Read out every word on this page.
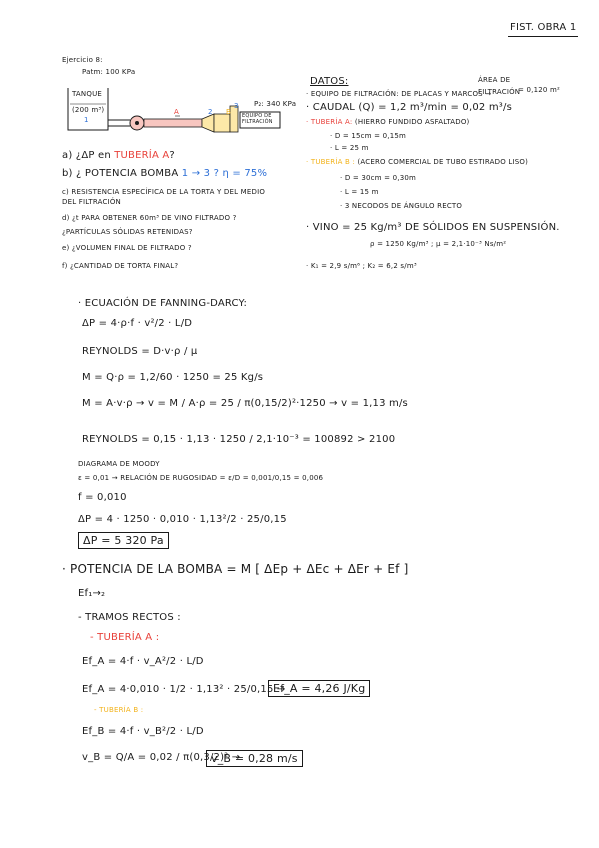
FIST. OBRA 1
Ejercicio 8:
Patm: 100 KPa
TANQUE
(200 m³)
1
A	2
P₂: 340 KPa
B
3
EQUIPO DE FILTRACIÓN
a) ¿ΔP en TUBERÍA A?
b) ¿ POTENCIA BOMBA 1 → 3 ? η = 75%
c) RESISTENCIA ESPECÍFICA DE LA TORTA Y DEL MEDIO
DEL FILTRACIÓN
d) ¿t PARA OBTENER 60m³ DE VINO FILTRADO ?
¿PARTÍCULAS SÓLIDAS RETENIDAS?
e) ¿VOLUMEN FINAL DE FILTRADO ?
f) ¿CANTIDAD DE TORTA FINAL?
DATOS:	ÁREA DE
· EQUIPO DE FILTRACIÓN: DE PLACAS Y MARCOS →
FILTRACIÓN
= 0,120 m²
· CAUDAL (Q) = 1,2 m³/min = 0,02 m³/s
· TUBERÍA A: (HIERRO FUNDIDO ASFALTADO)
· D = 15cm = 0,15m
· L = 25 m
· TUBERÍA B : (ACERO COMERCIAL DE TUBO ESTIRADO LISO)
· D = 30cm = 0,30m
· L = 15 m
· 3 NECODOS DE ÁNGULO RECTO
· VINO = 25 Kg/m³ DE SÓLIDOS EN SUSPENSIÓN.
ρ = 1250 Kg/m³ ; μ = 2,1·10⁻³ Ns/m²
· K₁ = 2,9 s/m⁶ ; K₂ = 6,2 s/m³
· ECUACIÓN DE FANNING-DARCY:
ΔP = 4·ρ·f · v²/2 · L/D
REYNOLDS = D·v·ρ / μ
M = Q·ρ = 1,2/60 · 1250 = 25 Kg/s
M = A·v·ρ → v = M / A·ρ = 25 / π(0,15/2)²·1250 → v = 1,13 m/s
REYNOLDS = 0,15 · 1,13 · 1250 / 2,1·10⁻³ = 100892 > 2100
DIAGRAMA DE MOODY
ε = 0,01 → RELACIÓN DE RUGOSIDAD = ε/D = 0,001/0,15 = 0,006
f = 0,010
ΔP = 4 · 1250 · 0,010 · 1,13²/2 · 25/0,15
ΔP = 5 320 Pa
· POTENCIA DE LA BOMBA = M [ ΔEp + ΔEc + ΔEr + Ef ]
Ef₁→₂
- TRAMOS RECTOS :
- TUBERÍA A :
Ef_A = 4·f · v_A²/2 · L/D
Ef_A = 4·0,010 · 1/2 · 1,13² · 25/0,15 →
Ef_A = 4,26 J/Kg
- TUBERÍA B :
Ef_B = 4·f · v_B²/2 · L/D
v_B = Q/A = 0,02 / π(0,3/2)² →
v_B = 0,28 m/s
